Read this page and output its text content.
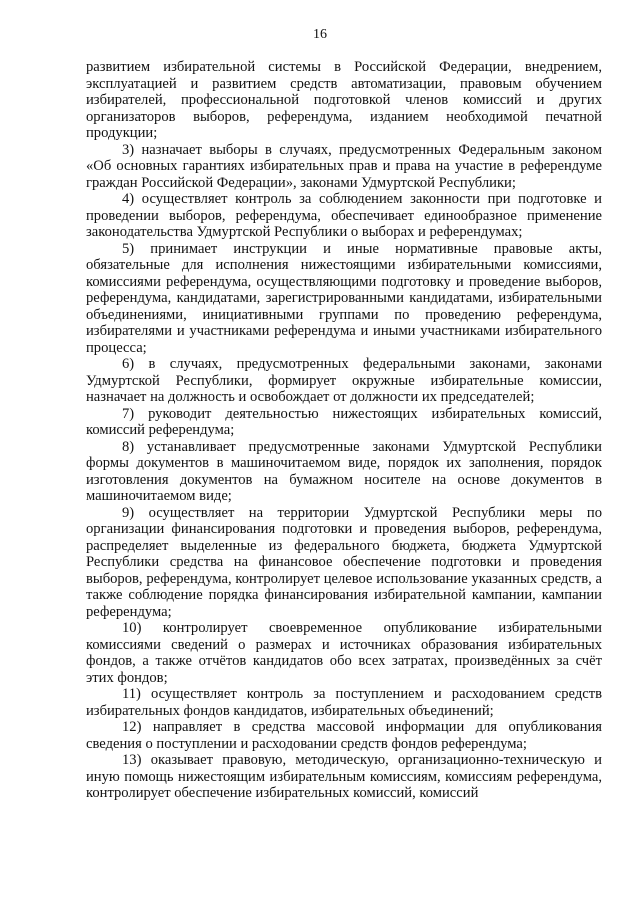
16

развитием избирательной системы в Российской Федерации, внедрением, эксплуатацией и развитием средств автоматизации, правовым обучением избирателей, профессиональной подготовкой членов комиссий и других организаторов выборов, референдума, изданием необходимой печатной продукции;

3) назначает выборы в случаях, предусмотренных Федеральным законом «Об основных гарантиях избирательных прав и права на участие в референдуме граждан Российской Федерации», законами Удмуртской Республики;

4) осуществляет контроль за соблюдением законности при подготовке и проведении выборов, референдума, обеспечивает единообразное применение законодательства Удмуртской Республики о выборах и референдумах;

5) принимает инструкции и иные нормативные правовые акты, обязательные для исполнения нижестоящими избирательными комиссиями, комиссиями референдума, осуществляющими подготовку и проведение выборов, референдума, кандидатами, зарегистрированными кандидатами, избирательными объединениями, инициативными группами по проведению референдума, избирателями и участниками референдума и иными участниками избирательного процесса;

6) в случаях, предусмотренных федеральными законами, законами Удмуртской Республики, формирует окружные избирательные комиссии, назначает на должность и освобождает от должности их председателей;

7) руководит деятельностью нижестоящих избирательных комиссий, комиссий референдума;

8) устанавливает предусмотренные законами Удмуртской Республики формы документов в машиночитаемом виде, порядок их заполнения, порядок изготовления документов на бумажном носителе на основе документов в машиночитаемом виде;

9) осуществляет на территории Удмуртской Республики меры по организации финансирования подготовки и проведения выборов, референдума, распределяет выделенные из федерального бюджета, бюджета Удмуртской Республики средства на финансовое обеспечение подготовки и проведения выборов, референдума, контролирует целевое использование указанных средств, а также соблюдение порядка финансирования избирательной кампании, кампании референдума;

10) контролирует своевременное опубликование избирательными комиссиями сведений о размерах и источниках образования избирательных фондов, а также отчётов кандидатов обо всех затратах, произведённых за счёт этих фондов;

11) осуществляет контроль за поступлением и расходованием средств избирательных фондов кандидатов, избирательных объединений;

12) направляет в средства массовой информации для опубликования сведения о поступлении и расходовании средств фондов референдума;

13) оказывает правовую, методическую, организационно-техническую и иную помощь нижестоящим избирательным комиссиям, комиссиям референдума, контролирует обеспечение избирательных комиссий, комиссий
